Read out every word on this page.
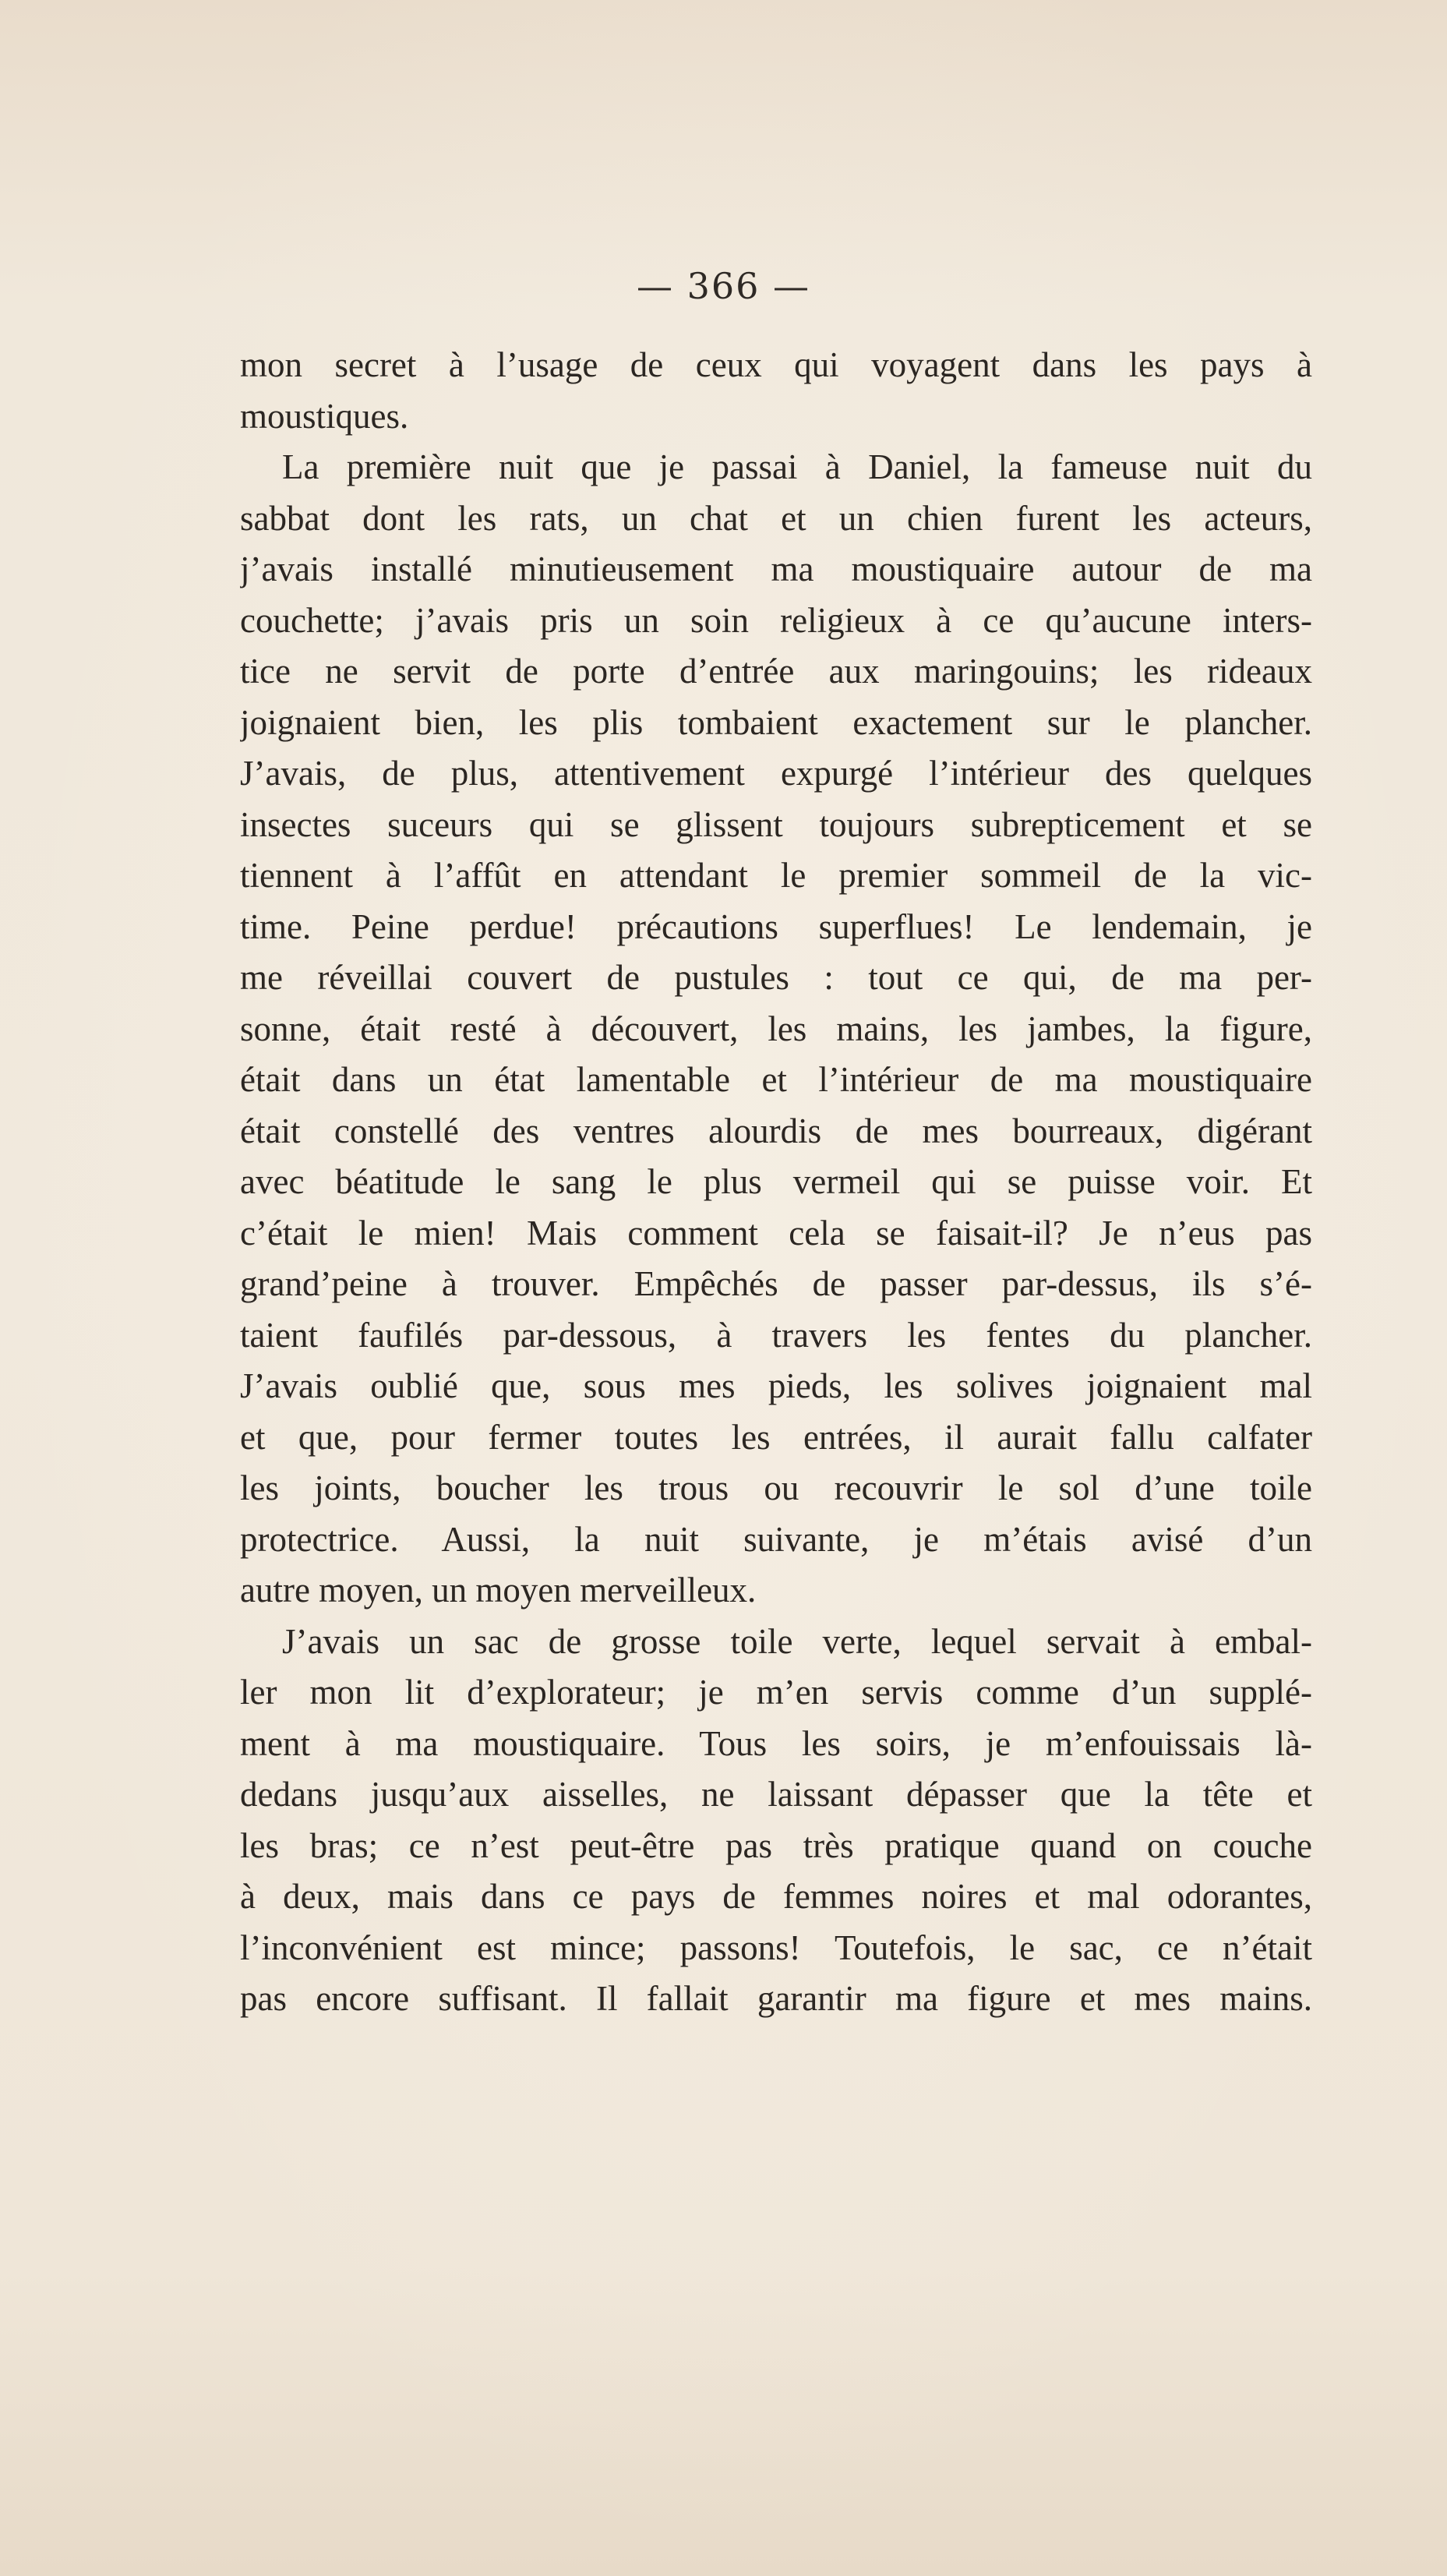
— 366 —
mon secret à l’usage de ceux qui voyagent dans les pays à
moustiques.
La première nuit que je passai à Daniel, la fameuse nuit du
sabbat dont les rats, un chat et un chien furent les acteurs,
j’avais installé minutieusement ma moustiquaire autour de ma
couchette; j’avais pris un soin religieux à ce qu’aucune inters-
tice ne servit de porte d’entrée aux maringouins; les rideaux
joignaient bien, les plis tombaient exactement sur le plancher.
J’avais, de plus, attentivement expurgé l’intérieur des quelques
insectes suceurs qui se glissent toujours subrepticement et se
tiennent à l’affût en attendant le premier sommeil de la vic-
time. Peine perdue! précautions superflues! Le lendemain, je
me réveillai couvert de pustules : tout ce qui, de ma per-
sonne, était resté à découvert, les mains, les jambes, la figure,
était dans un état lamentable et l’intérieur de ma moustiquaire
était constellé des ventres alourdis de mes bourreaux, digérant
avec béatitude le sang le plus vermeil qui se puisse voir. Et
c’était le mien! Mais comment cela se faisait-il? Je n’eus pas
grand’peine à trouver. Empêchés de passer par-dessus, ils s’é-
taient faufilés par-dessous, à travers les fentes du plancher.
J’avais oublié que, sous mes pieds, les solives joignaient mal
et que, pour fermer toutes les entrées, il aurait fallu calfater
les joints, boucher les trous ou recouvrir le sol d’une toile
protectrice. Aussi, la nuit suivante, je m’étais avisé d’un
autre moyen, un moyen merveilleux.
J’avais un sac de grosse toile verte, lequel servait à embal-
ler mon lit d’explorateur; je m’en servis comme d’un supplé-
ment à ma moustiquaire. Tous les soirs, je m’enfouissais là-
dedans jusqu’aux aisselles, ne laissant dépasser que la tête et
les bras; ce n’est peut-être pas très pratique quand on couche
à deux, mais dans ce pays de femmes noires et mal odorantes,
l’inconvénient est mince; passons! Toutefois, le sac, ce n’était
pas encore suffisant. Il fallait garantir ma figure et mes mains.
